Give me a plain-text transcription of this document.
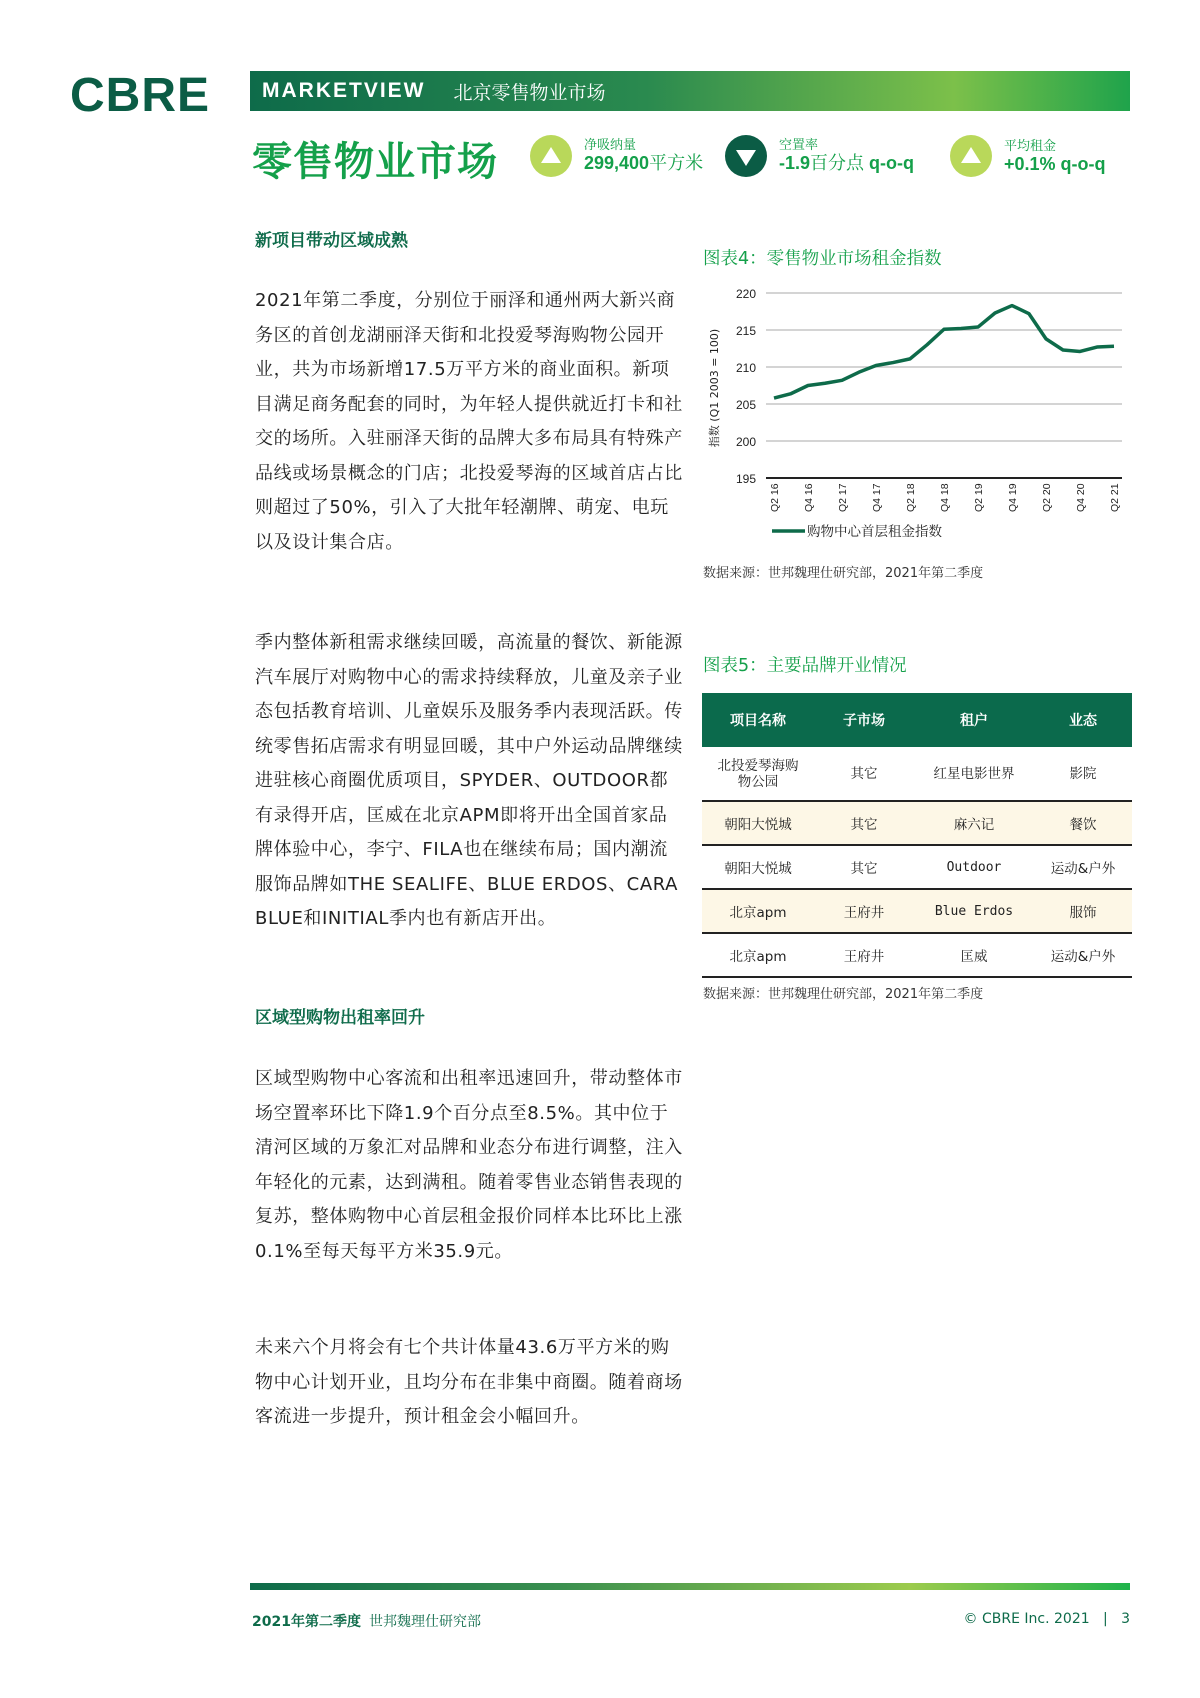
CBRE MARKETVIEW 北京零售物业市场
零售物业市场	净吸纳量
299,400平方米
空置率
-1.9百分点 q-o-q
平均租金
+0.1% q-o-q
新项目带动区域成熟
2021年第二季度，分别位于丽泽和通州两大新兴商务区的首创龙湖丽泽天街和北投爱琴海购物公园开业，共为市场新增17.5万平方米的商业面积。新项目满足商务配套的同时，为年轻人提供就近打卡和社交的场所。入驻丽泽天街的品牌大多布局具有特殊产品线或场景概念的门店；北投爱琴海的区域首店占比则超过了50%，引入了大批年轻潮牌、萌宠、电玩以及设计集合店。
季内整体新租需求继续回暖，高流量的餐饮、新能源汽车展厅对购物中心的需求持续释放，儿童及亲子业态包括教育培训、儿童娱乐及服务季内表现活跃。传统零售拓店需求有明显回暖，其中户外运动品牌继续进驻核心商圈优质项目，SPYDER、OUTDOOR都有录得开店，匡威在北京APM即将开出全国首家品牌体验中心，李宁、FILA也在继续布局；国内潮流服饰品牌如THE SEALIFE、BLUE ERDOS、CARA BLUE和INITIAL季内也有新店开出。
区域型购物出租率回升
区域型购物中心客流和出租率迅速回升，带动整体市场空置率环比下降1.9个百分点至8.5%。其中位于清河区域的万象汇对品牌和业态分布进行调整，注入年轻化的元素，达到满租。随着零售业态销售表现的复苏，整体购物中心首层租金报价同样本比环比上涨0.1%至每天每平方米35.9元。
未来六个月将会有七个共计体量43.6万平方米的购物中心计划开业，且均分布在非集中商圈。随着商场客流进一步提升，预计租金会小幅回升。
图表4：零售物业市场租金指数
195
200
205
210
215
220
指数 (Q1 2003 = 100)
Q2 16 Q4 16 Q2 17 Q4 17 Q2 18 Q4 18 Q2 19 Q4 19 Q2 20 Q4 20 Q2 21
购物中心首层租金指数
数据来源：世邦魏理仕研究部，2021年第二季度
图表5：主要品牌开业情况
项目名称	子市场	租户	业态
北投爱琴海购
物公园	其它	红星电影世界	影院
朝阳大悦城	其它	麻六记	餐饮
朝阳大悦城	其它	Outdoor	运动&户外
北京apm	王府井	Blue Erdos	服饰
北京apm	王府井	匡威	运动&户外
数据来源：世邦魏理仕研究部，2021年第二季度
2021年第二季度 世邦魏理仕研究部	© CBRE Inc. 2021 | 3
